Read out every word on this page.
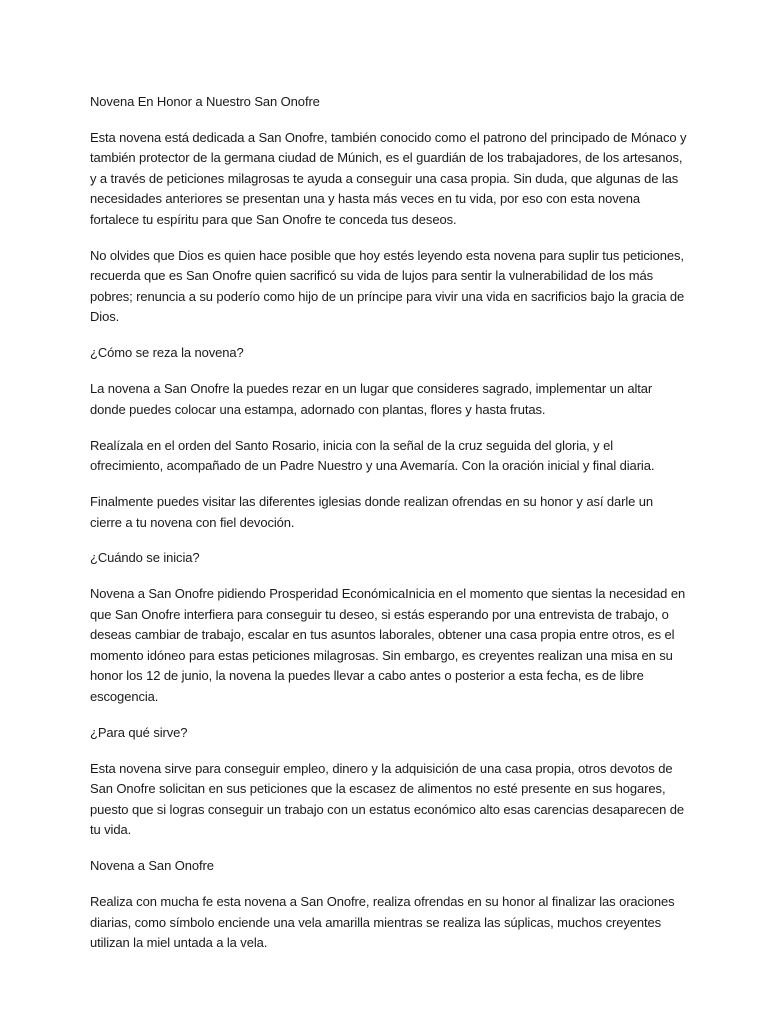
Novena En Honor a Nuestro San Onofre

Esta novena está dedicada a San Onofre, también conocido como el patrono del principado de Mónaco y también protector de la germana ciudad de Múnich, es el guardián de los trabajadores, de los artesanos, y a través de peticiones milagrosas te ayuda a conseguir una casa propia. Sin duda, que algunas de las necesidades anteriores se presentan una y hasta más veces en tu vida, por eso con esta novena fortalece tu espíritu para que San Onofre te conceda tus deseos.

No olvides que Dios es quien hace posible que hoy estés leyendo esta novena para suplir tus peticiones, recuerda que es San Onofre quien sacrificó su vida de lujos para sentir la vulnerabilidad de los más pobres; renuncia a su poderío como hijo de un príncipe para vivir una vida en sacrificios bajo la gracia de Dios.

¿Cómo se reza la novena?

La novena a San Onofre la puedes rezar en un lugar que consideres sagrado, implementar un altar donde puedes colocar una estampa, adornado con plantas, flores y hasta frutas.

Realízala en el orden del Santo Rosario, inicia con la señal de la cruz seguida del gloria, y el ofrecimiento, acompañado de un Padre Nuestro y una Avemaría. Con la oración inicial y final diaria.

Finalmente puedes visitar las diferentes iglesias donde realizan ofrendas en su honor y así darle un cierre a tu novena con fiel devoción.

¿Cuándo se inicia?

Novena a San Onofre pidiendo Prosperidad EconómicaInicia en el momento que sientas la necesidad en que San Onofre interfiera para conseguir tu deseo, si estás esperando por una entrevista de trabajo, o deseas cambiar de trabajo, escalar en tus asuntos laborales, obtener una casa propia entre otros, es el momento idóneo para estas peticiones milagrosas. Sin embargo, es creyentes realizan una misa en su honor los 12 de junio, la novena la puedes llevar a cabo antes o posterior a esta fecha, es de libre escogencia.

¿Para qué sirve?

Esta novena sirve para conseguir empleo, dinero y la adquisición de una casa propia, otros devotos de San Onofre solicitan en sus peticiones que la escasez de alimentos no esté presente en sus hogares, puesto que si logras conseguir un trabajo con un estatus económico alto esas carencias desaparecen de tu vida.

Novena a San Onofre

Realiza con mucha fe esta novena a San Onofre, realiza ofrendas en su honor al finalizar las oraciones diarias, como símbolo enciende una vela amarilla mientras se realiza las súplicas, muchos creyentes utilizan la miel untada a la vela.
